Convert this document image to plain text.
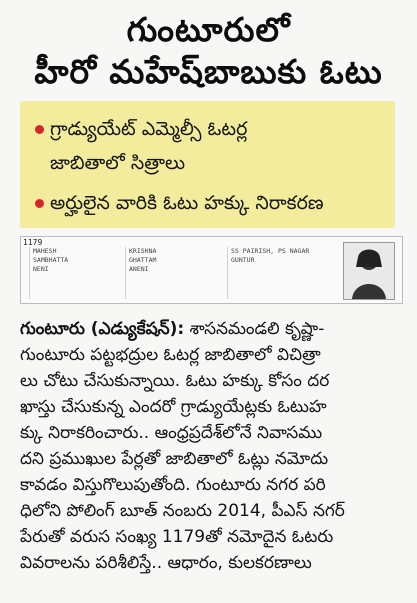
గుంటూరులో
హీరో మహేష్‌బాబుకు ఓటు
గ్రాడ్యుయేట్ ఎమ్మెల్సీ ఓటర్ల
జాబితాలో సిత్రాలు
అర్హులైన వారికి ఓటు హక్కు నిరాకరణ
1179
MAHESH
SAMBHATTA
NENI
KRISHNA
GHATTAM
ANENI
SS PAIRISH, PS NAGAR
GUNTUR
గుంటూరు (ఎడ్యుకేషన్): శాసనమండలి కృష్ణా-
గుంటూరు పట్టభద్రుల ఓటర్ల జాబితాలో విచిత్రా
లు చోటు చేసుకున్నాయి. ఓటు హక్కు కోసం దర
ఖాస్తు చేసుకున్న ఎందరో గ్రాడ్యుయేట్లకు ఓటుహ
క్కు నిరాకరించారు.. ఆంధ్రప్రదేశ్‌లోనే నివాసము
దని ప్రముఖుల పేర్లతో జాబితాలో ఓట్లు నమోదు
కావడం విస్తుగొలుపుతోంది. గుంటూరు నగర పరి
ధిలోని పోలింగ్ బూత్ నంబరు 2014, పీఎస్ నగర్
పేరుతో వరుస సంఖ్య 1179తో నమోదైన ఓటరు
వివరాలను పరిశీలిస్తే.. ఆధారం, కులకరణాలు
